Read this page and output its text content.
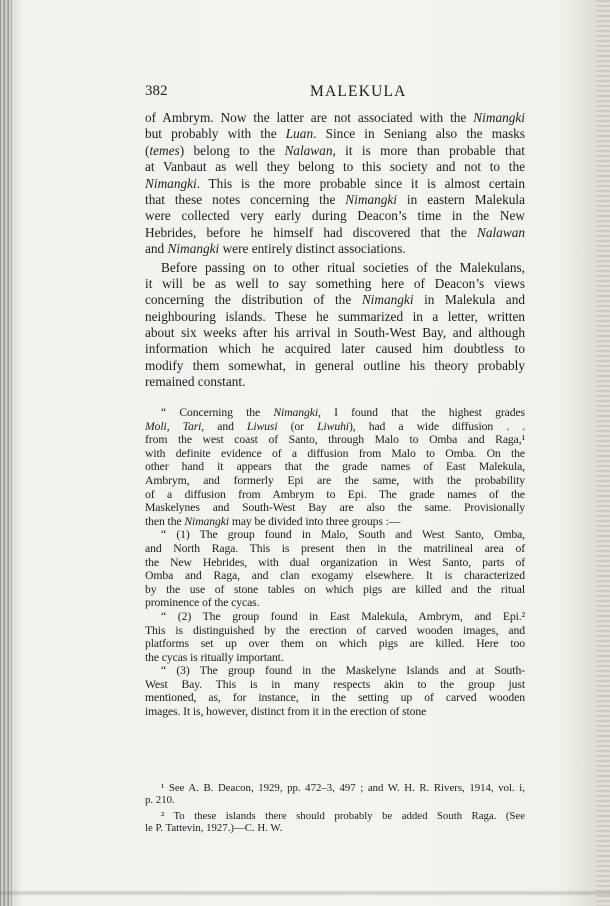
382	MALEKULA
of Ambrym. Now the latter are not associated with the Nimangki
but probably with the Luan. Since in Seniang also the masks
(temes) belong to the Nalawan, it is more than probable that
at Vanbaut as well they belong to this society and not to the
Nimangki. This is the more probable since it is almost certain
that these notes concerning the Nimangki in eastern Malekula
were collected very early during Deacon’s time in the New
Hebrides, before he himself had discovered that the Nalawan
and Nimangki were entirely distinct associations.
Before passing on to other ritual societies of the Malekulans,
it will be as well to say something here of Deacon’s views
concerning the distribution of the Nimangki in Malekula and
neighbouring islands. These he summarized in a letter, written
about six weeks after his arrival in South-West Bay, and although
information which he acquired later caused him doubtless to
modify them somewhat, in general outline his theory probably
remained constant.
“ Concerning the Nimangki, I found that the highest grades
Moli, Tari, and Liwusi (or Liwuhi), had a wide diffusion . .
from the west coast of Santo, through Malo to Omba and Raga,¹
with definite evidence of a diffusion from Malo to Omba. On the
other hand it appears that the grade names of East Malekula,
Ambrym, and formerly Epi are the same, with the probability
of a diffusion from Ambrym to Epi. The grade names of the
Maskelynes and South-West Bay are also the same. Provisionally
then the Nimangki may be divided into three groups :—
“ (1) The group found in Malo, South and West Santo, Omba,
and North Raga. This is present then in the matrilineal area of
the New Hebrides, with dual organization in West Santo, parts of
Omba and Raga, and clan exogamy elsewhere. It is characterized
by the use of stone tables on which pigs are killed and the ritual
prominence of the cycas.
“ (2) The group found in East Malekula, Ambrym, and Epi.²
This is distinguished by the erection of carved wooden images, and
platforms set up over them on which pigs are killed. Here too
the cycas is ritually important.
“ (3) The group found in the Maskelyne Islands and at South-
West Bay. This is in many respects akin to the group just
mentioned, as, for instance, in the setting up of carved wooden
images. It is, however, distinct from it in the erection of stone
¹ See A. B. Deacon, 1929, pp. 472–3, 497 ; and W. H. R. Rivers, 1914, vol. i,
p. 210.
² To these islands there should probably be added South Raga. (See
le P. Tattevin, 1927.)—C. H. W.
